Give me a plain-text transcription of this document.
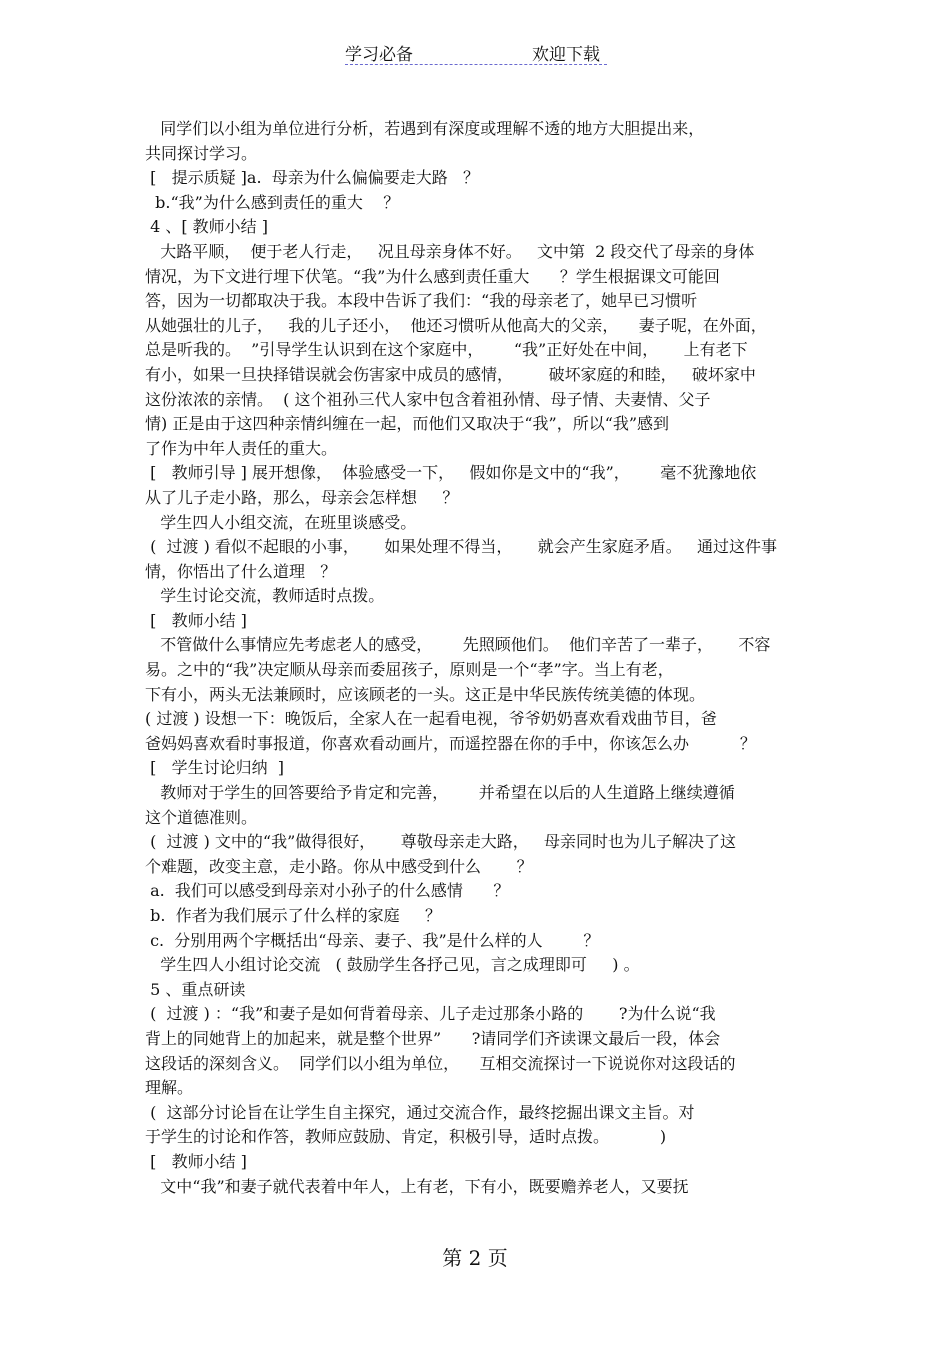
学习必备	欢迎下载
同学们以小组为单位进行分析，若遇到有深度或理解不透的地方大胆提出来，
共同探讨学习。
[   提示质疑 ]a.  母亲为什么偏偏要走大路   ？
b.“我”为什么感到责任的重大    ？
4 、[ 教师小结 ]
大路平顺，  便于老人行走，   况且母亲身体不好。   文中第  2 段交代了母亲的身体
情况，为下文进行埋下伏笔。“我”为什么感到责任重大      ？学生根据课文可能回
答，因为一切都取决于我。本段中告诉了我们：“我的母亲老了，她早已习惯听
从她强壮的儿子，   我的儿子还小，  他还习惯听从他高大的父亲，    妻子呢，在外面，
总是听我的。  ”引导学生认识到在这个家庭中，      “我”正好处在中间，     上有老下
有小，如果一旦抉择错误就会伤害家中成员的感情，       破坏家庭的和睦，   破坏家中
这份浓浓的亲情。  ( 这个祖孙三代人家中包含着祖孙情、母子情、夫妻情、父子
情) 正是由于这四种亲情纠缠在一起，而他们又取决于“我”，所以“我”感到
了作为中年人责任的重大。
[   教师引导 ] 展开想像，  体验感受一下，   假如你是文中的“我”，      毫不犹豫地依
从了儿子走小路，那么，母亲会怎样想     ？
学生四人小组交流，在班里谈感受。
(  过渡 ) 看似不起眼的小事，     如果处理不得当，     就会产生家庭矛盾。   通过这件事
情，你悟出了什么道理   ？
学生讨论交流，教师适时点拨。
[   教师小结 ]
不管做什么事情应先考虑老人的感受，      先照顾他们。  他们辛苦了一辈子，     不容
易。之中的“我”决定顺从母亲而委屈孩子，原则是一个“孝”字。当上有老，
下有小，两头无法兼顾时，应该顾老的一头。这正是中华民族传统美德的体现。
( 过渡 ) 设想一下：晚饭后，全家人在一起看电视，爷爷奶奶喜欢看戏曲节目，爸
爸妈妈喜欢看时事报道，你喜欢看动画片，而遥控器在你的手中，你该怎么办          ？
[   学生讨论归纳  ]
教师对于学生的回答要给予肯定和完善，      并希望在以后的人生道路上继续遵循
这个道德准则。
(  过渡 ) 文中的“我”做得很好，     尊敬母亲走大路，   母亲同时也为儿子解决了这
个难题，改变主意，走小路。你从中感受到什么       ？
a.  我们可以感受到母亲对小孙子的什么感情      ？
b.  作者为我们展示了什么样的家庭     ？
c.  分别用两个字概括出“母亲、妻子、我”是什么样的人        ？
学生四人小组讨论交流   ( 鼓励学生各抒己见，言之成理即可     ) 。
5 、重点研读
(  过渡 ) ：“我”和妻子是如何背着母亲、儿子走过那条小路的       ?为什么说“我
背上的同她背上的加起来，就是整个世界”      ?请同学们齐读课文最后一段，体会
这段话的深刻含义。  同学们以小组为单位，    互相交流探讨一下说说你对这段话的
理解。
(  这部分讨论旨在让学生自主探究，通过交流合作，最终挖掘出课文主旨。对
于学生的讨论和作答，教师应鼓励、肯定，积极引导，适时点拨。          )
[   教师小结 ]
文中“我”和妻子就代表着中年人，上有老，下有小，既要赡养老人，又要抚
第 2 页
